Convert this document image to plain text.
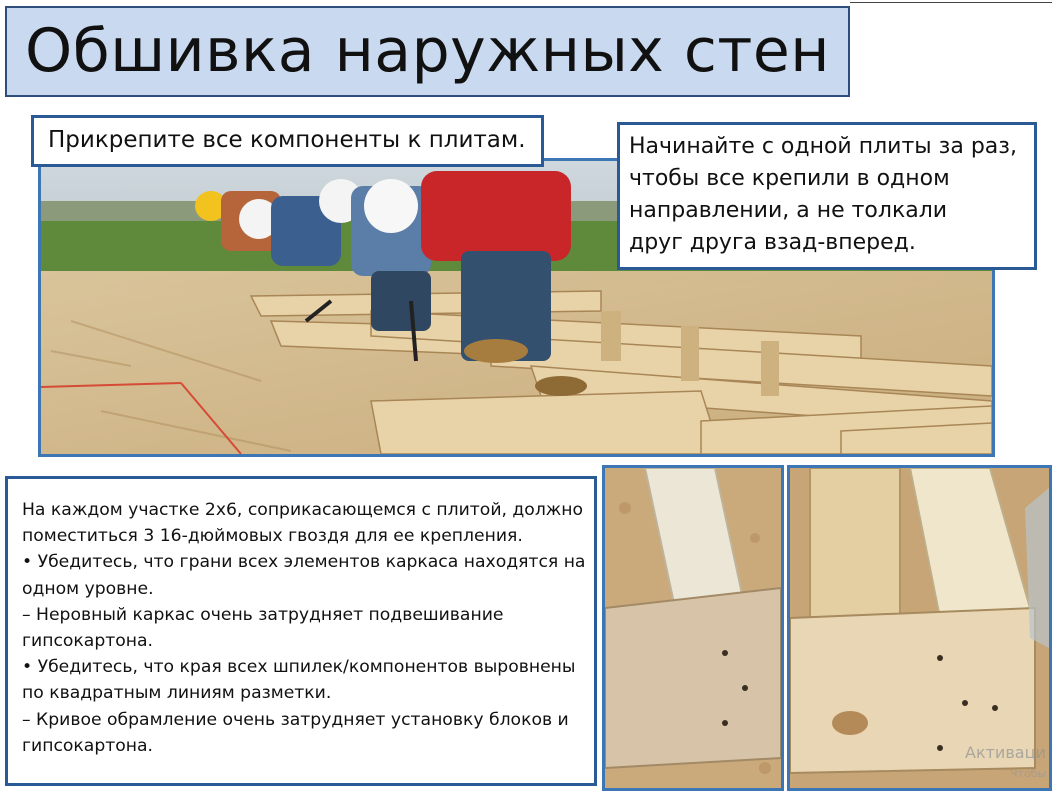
Обшивка наружных стен
Прикрепите все компоненты к плитам.	Начинайте с одной плиты за раз,
чтобы все крепили в одном
направлении, а не толкали
друг друга взад-вперед.
На каждом участке 2x6, соприкасающемся с плитой, должно
поместиться 3 16-дюймовых гвоздя для ее крепления.
• Убедитесь, что грани всех элементов каркаса находятся на
одном уровне.
– Неровный каркас очень затрудняет подвешивание
гипсокартона.
• Убедитесь, что края всех шпилек/компонентов выровнены
по квадратным линиям разметки.
– Кривое обрамление очень затрудняет установку блоков и
гипсокартона.	Активаци
Чтобы
